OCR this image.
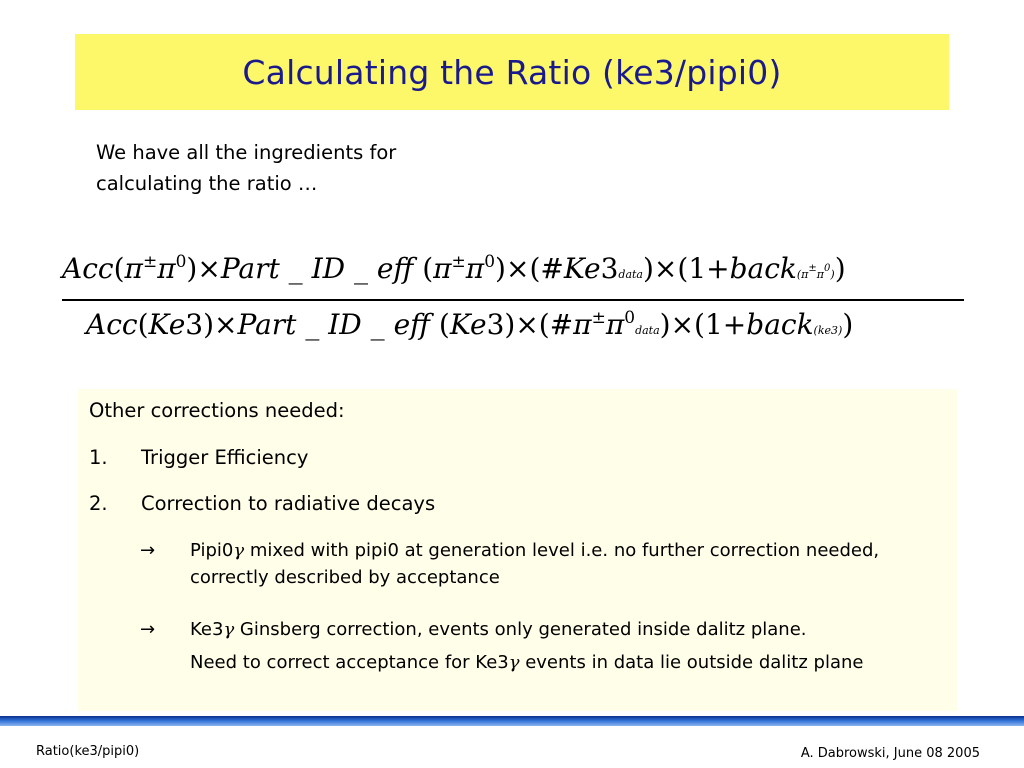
Calculating the Ratio (ke3/pipi0)
We have all the ingredients for
calculating the ratio …
$Acc(\pi^\pm\pi^0)\times Part$ _ ID _ eff $(\pi^\pm\pi^0)\times(\#Ke3data)\times(1+back(\pi^\pm\pi^0))$
Acc(Ke3)×Part _ ID _ eff $(Ke3)\times(\#\pi^\pm\pi^0data)\times(1+back(ke3))$
Other corrections needed:
1. Trigger Efficiency
2. Correction to radiative decays
→ Pipi0γ mixed with pipi0 at generation level i.e. no further correction needed, correctly described by acceptance
→ Ke3γ Ginsberg correction, events only generated inside dalitz plane.
Need to correct acceptance for Ke3γ events in data lie outside dalitz plane
Ratio(ke3/pipi0)	A. Dabrowski, June 08 2005
